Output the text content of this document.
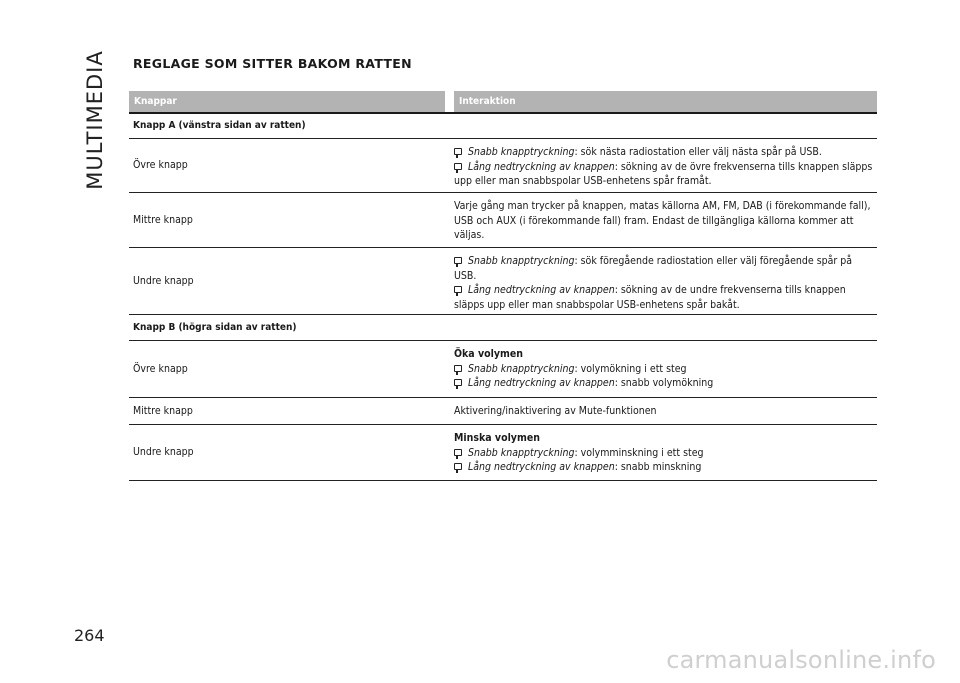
MULTIMEDIA REGLAGE SOM SITTER BAKOM RATTEN
Knappar	Interaktion
Knapp A (vänstra sidan av ratten)
Övre knapp
Snabb knapptryckning: sök nästa radiostation eller välj nästa spår på USB.
Lång nedtryckning av knappen: sökning av de övre frekvenserna tills knappen släpps upp eller man snabbspolar USB-enhetens spår framåt.
Mittre knapp
Varje gång man trycker på knappen, matas källorna AM, FM, DAB (i förekommande fall), USB och AUX (i förekommande fall) fram. Endast de tillgängliga källorna kommer att väljas.
Undre knapp
Snabb knapptryckning: sök föregående radiostation eller välj föregående spår på USB.
Lång nedtryckning av knappen: sökning av de undre frekvenserna tills knappen släpps upp eller man snabbspolar USB-enhetens spår bakåt.
Knapp B (högra sidan av ratten)
Övre knapp
Öka volymen
Snabb knapptryckning: volymökning i ett steg
Lång nedtryckning av knappen: snabb volymökning
Mittre knapp	Aktivering/inaktivering av Mute-funktionen
Undre knapp
Minska volymen
Snabb knapptryckning: volymminskning i ett steg
Lång nedtryckning av knappen: snabb minskning
264
carmanualsonline.info
